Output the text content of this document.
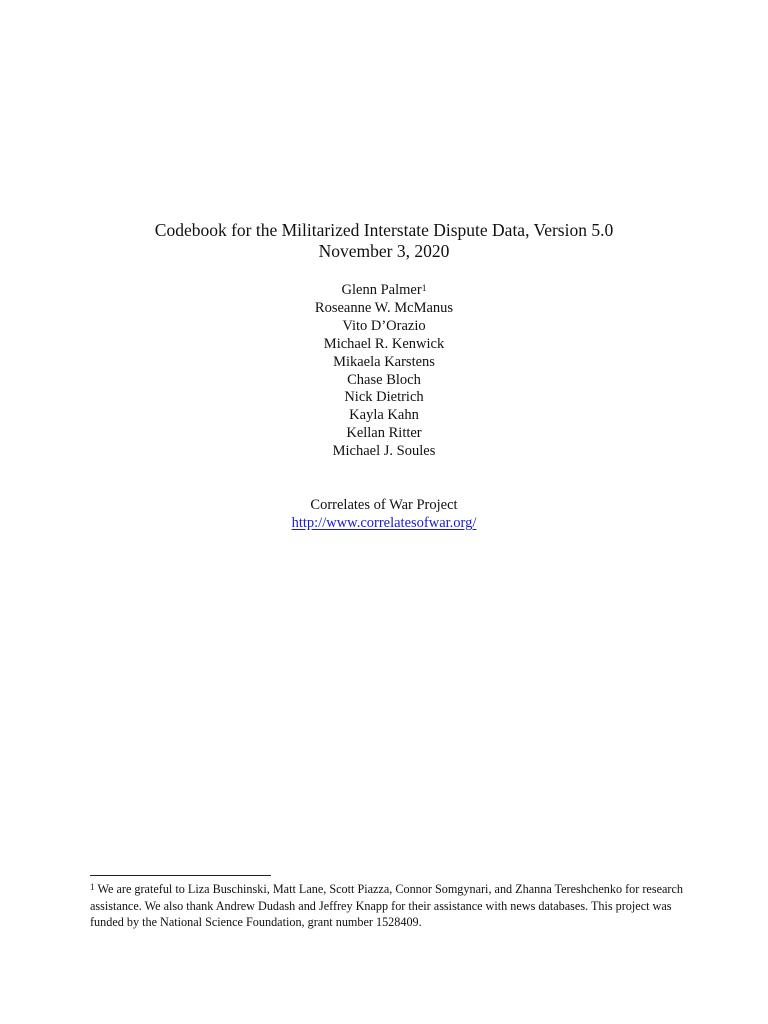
Codebook for the Militarized Interstate Dispute Data, Version 5.0
November 3, 2020
Glenn Palmer$^1$
Roseanne W. McManus
Vito D’Orazio
Michael R. Kenwick
Mikaela Karstens
Chase Bloch
Nick Dietrich
Kayla Kahn
Kellan Ritter
Michael J. Soules
Correlates of War Project
http://www.correlatesofwar.org/
$^1$ We are grateful to Liza Buschinski, Matt Lane, Scott Piazza, Connor Somgynari, and Zhanna Tereshchenko for research assistance. We also thank Andrew Dudash and Jeffrey Knapp for their assistance with news databases. This project was funded by the National Science Foundation, grant number 1528409.
